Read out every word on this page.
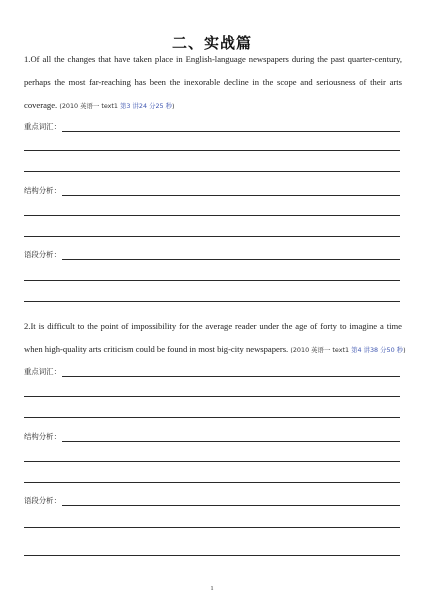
二、实战篇
1.Of all the changes that have taken place in English-language newspapers during the past quarter-century,
perhaps the most far-reaching has been the inexorable decline in the scope and seriousness of their arts
coverage. (2010 英语一 text1 第3 讲24 分25 秒)
重点词汇：
结构分析：
语段分析：
2.It is difficult to the point of impossibility for the average reader under the age of forty to imagine a time
when high-quality arts criticism could be found in most big-city newspapers. (2010 英语一 text1 第4 讲38 分50 秒)
重点词汇：
结构分析：
语段分析：
1
